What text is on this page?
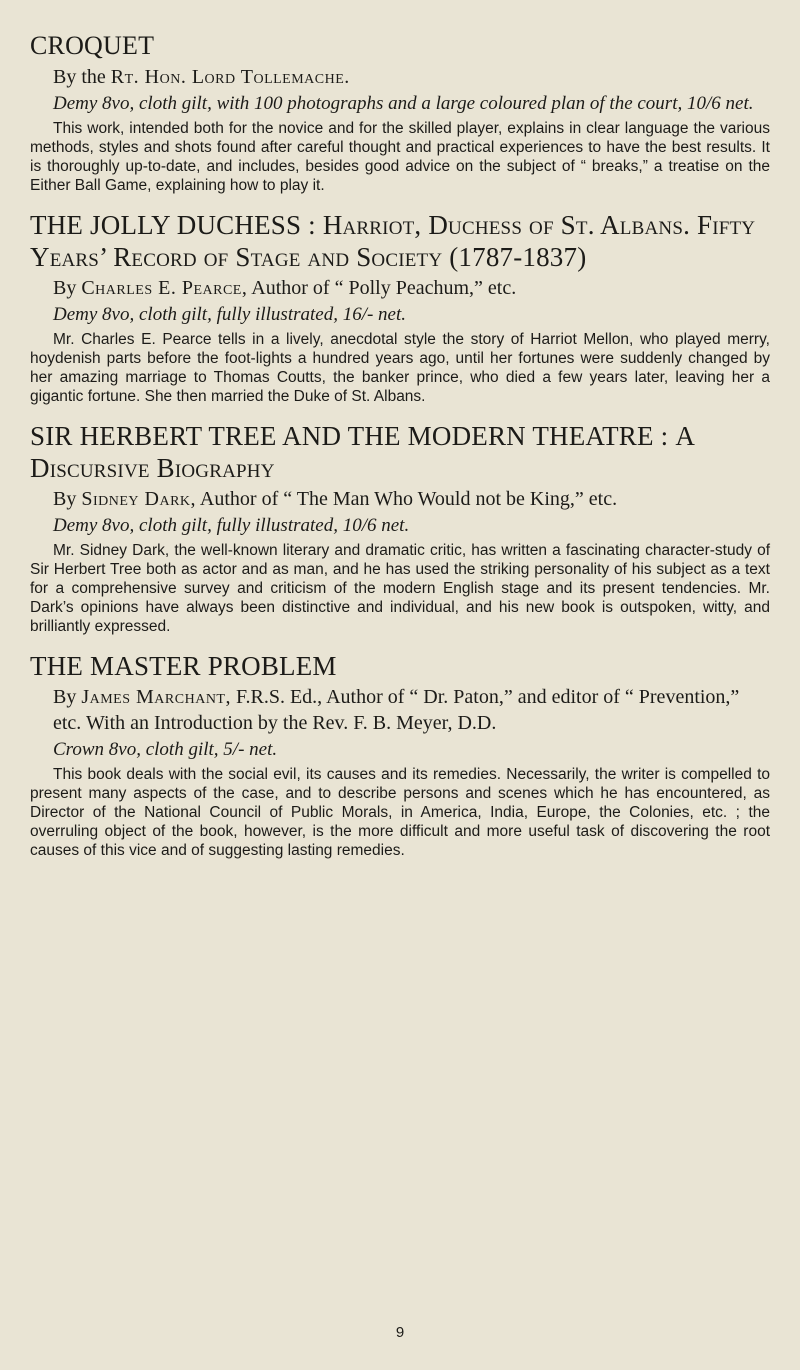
CROQUET

By the Rt. Hon. Lord Tollemache.

Demy 8vo, cloth gilt, with 100 photographs and a large coloured plan of the court, 10/6 net.

This work, intended both for the novice and for the skilled player, explains in clear language the various methods, styles and shots found after careful thought and practical experiences to have the best results. It is thoroughly up-to-date, and includes, besides good advice on the subject of “ breaks,” a treatise on the Either Ball Game, explaining how to play it.

THE JOLLY DUCHESS : Harriot, Duchess of St. Albans. Fifty Years’ Record of Stage and Society (1787-1837)

By Charles E. Pearce, Author of “ Polly Peachum,” etc.

Demy 8vo, cloth gilt, fully illustrated, 16/- net.

Mr. Charles E. Pearce tells in a lively, anecdotal style the story of Harriot Mellon, who played merry, hoydenish parts before the foot-lights a hundred years ago, until her fortunes were suddenly changed by her amazing marriage to Thomas Coutts, the banker prince, who died a few years later, leaving her a gigantic fortune. She then married the Duke of St. Albans.

SIR HERBERT TREE AND THE MODERN THEATRE : A Discursive Biography

By Sidney Dark, Author of “ The Man Who Would not be King,” etc.

Demy 8vo, cloth gilt, fully illustrated, 10/6 net.

Mr. Sidney Dark, the well-known literary and dramatic critic, has written a fascinating character-study of Sir Herbert Tree both as actor and as man, and he has used the striking personality of his subject as a text for a comprehensive survey and criticism of the modern English stage and its present tendencies. Mr. Dark’s opinions have always been distinctive and individual, and his new book is outspoken, witty, and brilliantly expressed.

THE MASTER PROBLEM

By James Marchant, F.R.S. Ed., Author of “ Dr. Paton,” and editor of “ Prevention,” etc. With an Introduction by the Rev. F. B. Meyer, D.D.

Crown 8vo, cloth gilt, 5/- net.

This book deals with the social evil, its causes and its remedies. Necessarily, the writer is compelled to present many aspects of the case, and to describe persons and scenes which he has encountered, as Director of the National Council of Public Morals, in America, India, Europe, the Colonies, etc. ; the overruling object of the book, however, is the more difficult and more useful task of discovering the root causes of this vice and of suggesting lasting remedies.

9
